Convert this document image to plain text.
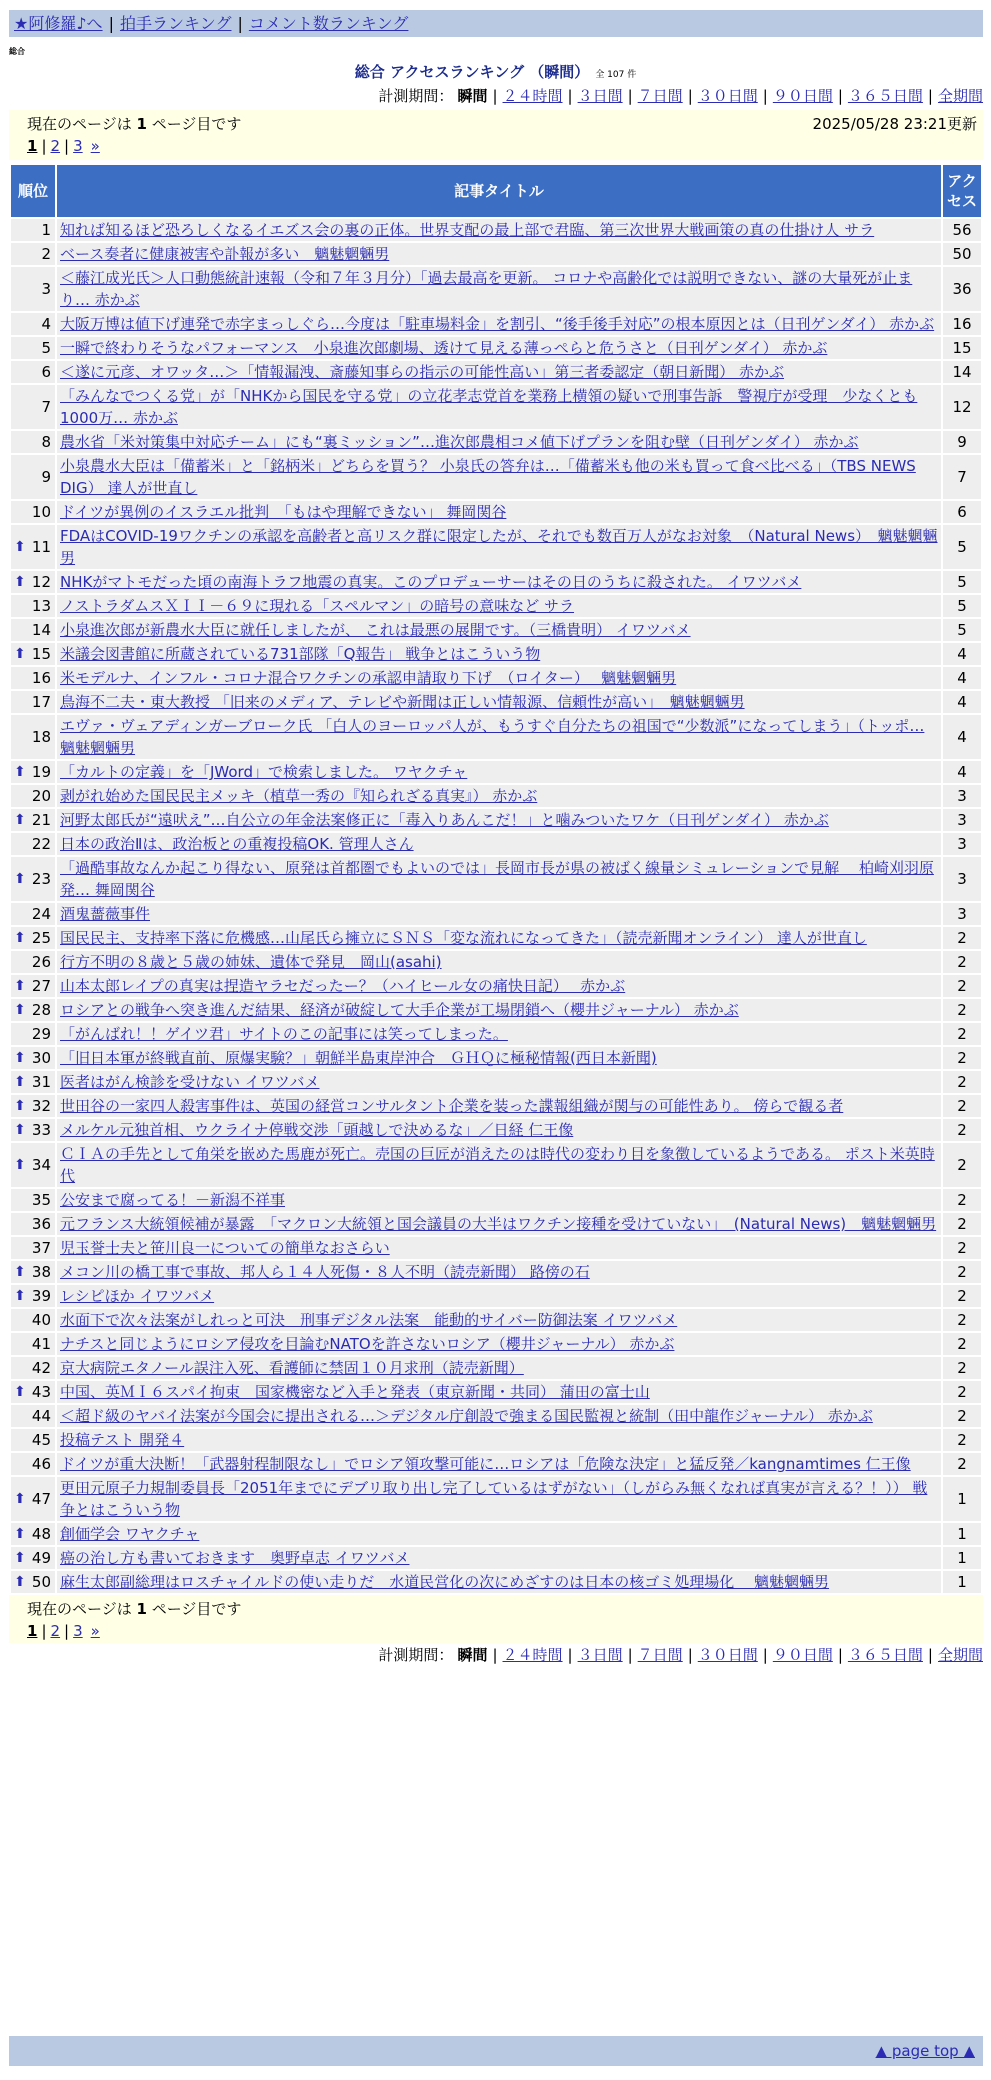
★阿修羅♪へ | 拍手ランキング | コメント数ランキング
総合
総合 アクセスランキング （瞬間） 全 107 件
計測期間： 瞬間 | ２４時間 | ３日間 | ７日間 | ３０日間 | ９０日間 | ３６５日間 | 全期間
現在のページは 1 ページ目です	2025/05/28 23:21更新
1 | 2 | 3 »
順位	記事タイトル	アクセス
1	知れば知るほど恐ろしくなるイエズス会の裏の正体。世界支配の最上部で君臨、第三次世界大戦画策の真の仕掛け人 サラ	56
2	ベース奏者に健康被害や訃報が多い　魑魅魍魎男	50
3	＜藤江成光氏＞人口動態統計速報（令和７年３月分）「過去最高を更新。 コロナや高齢化では説明できない、謎の大量死が止まり… 赤かぶ	36
4	大阪万博は値下げ連発で赤字まっしぐら…今度は「駐車場料金」を割引、“後手後手対応”の根本原因とは（日刊ゲンダイ） 赤かぶ	16
5	一瞬で終わりそうなパフォーマンス　小泉進次郎劇場、透けて見える薄っぺらと危うさと（日刊ゲンダイ） 赤かぶ	15
6	＜遂に元彦、オワッタ…＞「情報漏洩、斎藤知事らの指示の可能性高い」第三者委認定（朝日新聞） 赤かぶ	14
7	「みんなでつくる党」が「NHKから国民を守る党」の立花孝志党首を業務上横領の疑いで刑事告訴　警視庁が受理　少なくとも1000万… 赤かぶ	12
8	農水省「米対策集中対応チーム」にも“裏ミッション”…進次郎農相コメ値下げプランを阻む壁（日刊ゲンダイ） 赤かぶ	9
9	小泉農水大臣は「備蓄米」と「銘柄米」どちらを買う？ 小泉氏の答弁は…「備蓄米も他の米も買って食べ比べる」（TBS NEWS DIG） 達人が世直し	7
10	ドイツが異例のイスラエル批判　「もはや理解できない」 舞岡関谷	6

⬆ 11	FDAはCOVID-19ワクチンの承認を高齢者と高リスク群に限定したが、それでも数百万人がなお対象　（Natural News）　魑魅魍魎男	5

⬆ 12	NHKがマトモだった頃の南海トラフ地震の真実。このプロデューサーはその日のうちに殺された。 イワツバメ	5
13	ノストラダムスＸＩＩ－６９に現れる「スペルマン」の暗号の意味など サラ	5
14	小泉進次郎が新農水大臣に就任しましたが、 これは最悪の展開です。（三橋貴明） イワツバメ	5

⬆ 15	米議会図書館に所蔵されている731部隊「Q報告」 戦争とはこういう物	4
16	米モデルナ、インフル・コロナ混合ワクチンの承認申請取り下げ　（ロイター）　 魑魅魍魎男	4
17	鳥海不二夫・東大教授 「旧来のメディア、テレビや新聞は正しい情報源、信頼性が高い」　魑魅魍魎男	4
18	エヴァ・ヴェアディンガーブローク氏 「白人のヨーロッパ人が、もうすぐ自分たちの祖国で“少数派”になってしまう」（トッポ… 魑魅魍魎男	4

⬆ 19	「カルトの定義」を「JWord」で検索しました。 ワヤクチャ	4
20	剥がれ始めた国民民主メッキ（植草一秀の『知られざる真実』） 赤かぶ	3

⬆ 21	河野太郎氏が“遠吠え”…自公立の年金法案修正に「毒入りあんこだ！」と噛みついたワケ（日刊ゲンダイ） 赤かぶ	3
22	日本の政治Ⅱは、政治板との重複投稿OK. 管理人さん	3

⬆ 23	「過酷事故なんか起こり得ない、原発は首都圏でもよいのでは」長岡市長が県の被ばく線量シミュレーションで見解　 柏崎刈羽原発… 舞岡関谷	3
24	酒鬼薔薇事件	3

⬆ 25	国民民主、支持率下落に危機感…山尾氏ら擁立にＳＮＳ「変な流れになってきた」（読売新聞オンライン） 達人が世直し	2
26	行方不明の８歳と５歳の姉妹、遺体で発見　岡山(asahi)	2

⬆ 27	山本太郎レイプの真実は捏造ヤラセだったー？（ハイヒール女の痛快日記）　 赤かぶ	2

⬆ 28	ロシアとの戦争へ突き進んだ結果、経済が破綻して大手企業が工場閉鎖へ（櫻井ジャーナル） 赤かぶ	2
29	「がんばれ！！ゲイツ君」サイトのこの記事には笑ってしまった。	2

⬆ 30	「旧日本軍が終戦直前、原爆実験？」朝鮮半島東岸沖合　ＧＨＱに極秘情報(西日本新聞)	2

⬆ 31	医者はがん検診を受けない イワツバメ	2

⬆ 32	世田谷の一家四人殺害事件は、英国の経営コンサルタント企業を装った諜報組織が関与の可能性あり。 傍らで観る者	2

⬆ 33	メルケル元独首相、ウクライナ停戦交渉「頭越しで決めるな」／日経 仁王像	2

⬆ 34	ＣＩＡの手先として角栄を嵌めた馬鹿が死亡。売国の巨匠が消えたのは時代の変わり目を象徴しているようである。 ポスト米英時代	2
35	公安まで腐ってる！－新潟不祥事	2
36	元フランス大統領候補が暴露　「マクロン大統領と国会議員の大半はワクチン接種を受けていない」　(Natural News)　魑魅魍魎男	2
37	児玉誉士夫と笹川良一についての簡単なおさらい	2

⬆ 38	メコン川の橋工事で事故、邦人ら１４人死傷・８人不明（読売新聞） 路傍の石	2

⬆ 39	レシピほか イワツバメ	2
40	水面下で次々法案がしれっと可決　刑事デジタル法案　能動的サイバー防御法案 イワツバメ	2
41	ナチスと同じようにロシア侵攻を目論むNATOを許さないロシア（櫻井ジャーナル） 赤かぶ	2
42	京大病院エタノール誤注入死、看護師に禁固１０月求刑（読売新聞）	2

⬆ 43	中国、英ＭＩ６スパイ拘束　国家機密など入手と発表（東京新聞・共同） 蒲田の富士山	2
44	＜超ド級のヤバイ法案が今国会に提出される…＞デジタル庁創設で強まる国民監視と統制（田中龍作ジャーナル） 赤かぶ	2
45	投稿テスト 開発４	2
46	ドイツが重大決断！「武器射程制限なし」でロシア領攻撃可能に…ロシアは「危険な決定」と猛反発／kangnamtimes 仁王像	2

⬆ 47	更田元原子力規制委員長「2051年までにデブリ取り出し完了しているはずがない」（しがらみ無くなれば真実が言える？！）） 戦争とはこういう物	1

⬆ 48	創価学会 ワヤクチャ	1

⬆ 49	癌の治し方も書いておきます　奥野卓志 イワツバメ	1

⬆ 50	麻生太郎副総理はロスチャイルドの使い走りだ　水道民営化の次にめざすのは日本の核ゴミ処理場化　 魑魅魍魎男	1
現在のページは 1 ページ目です
1 | 2 | 3 »
計測期間： 瞬間 | ２４時間 | ３日間 | ７日間 | ３０日間 | ９０日間 | ３６５日間 | 全期間
▲ page top ▲
